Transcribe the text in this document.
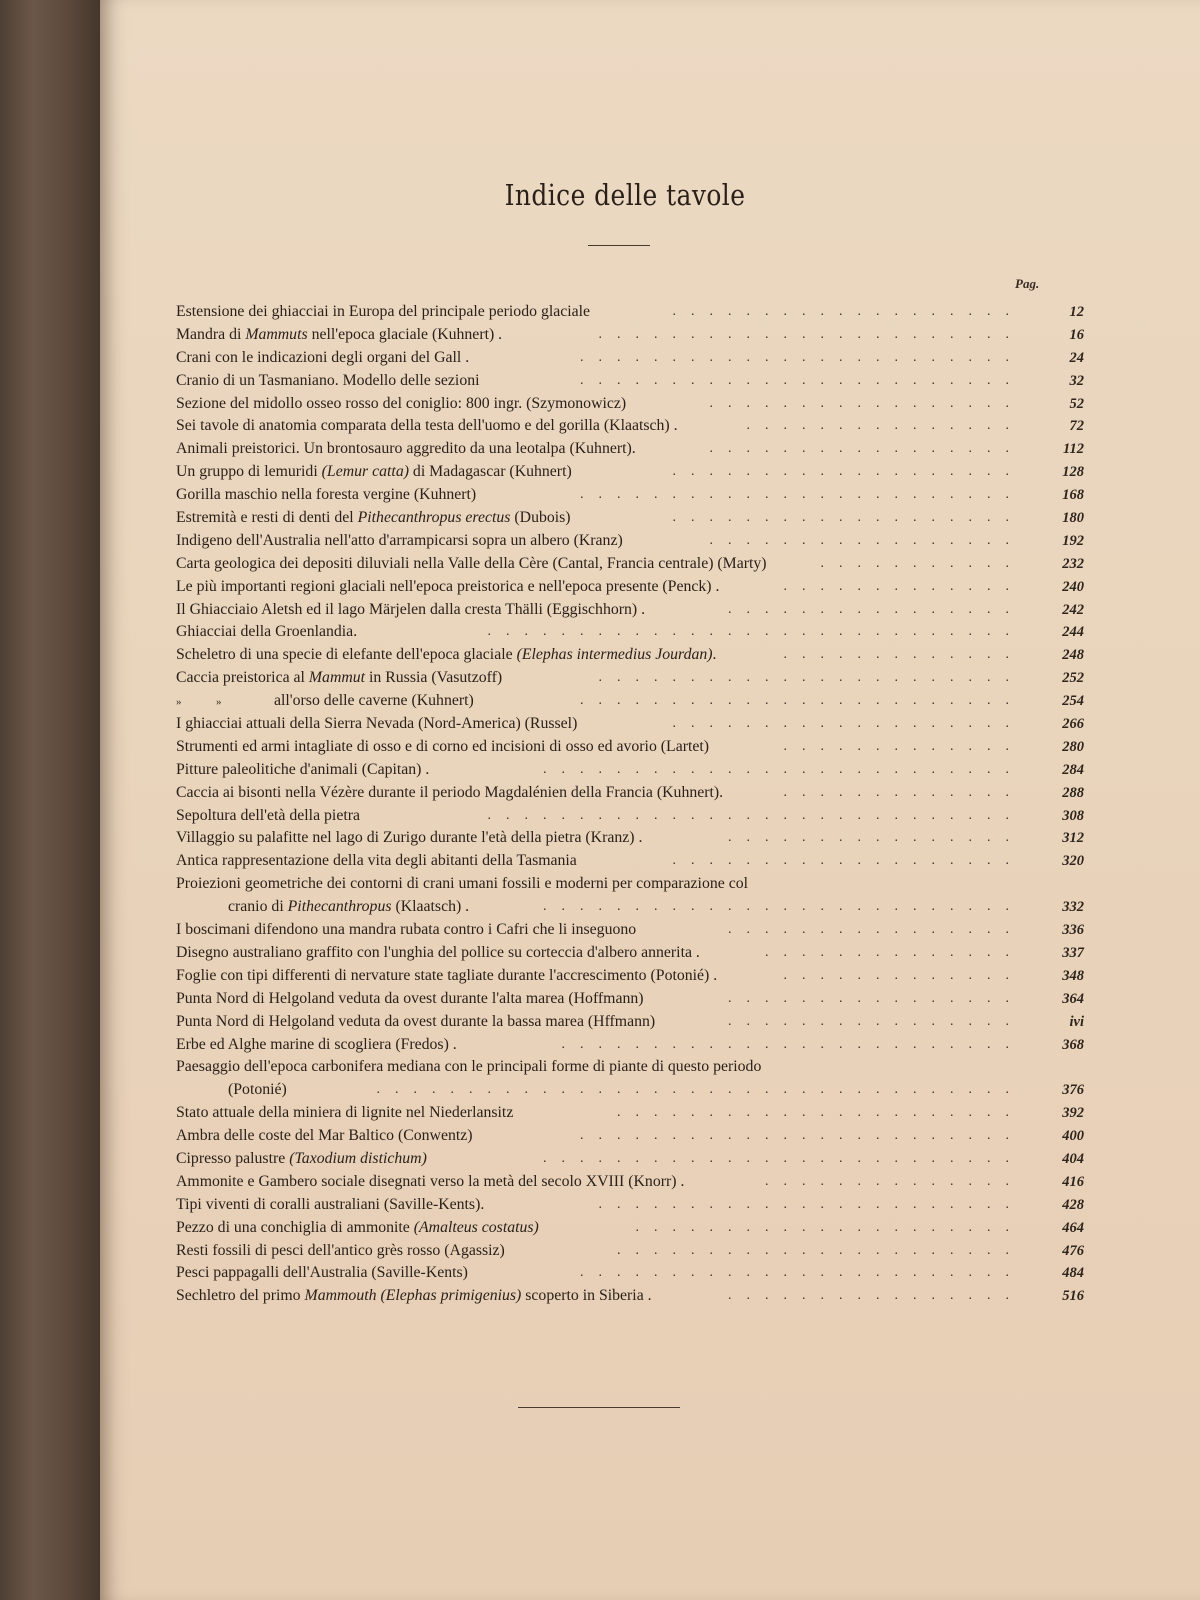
Indice delle tavole
Pag.
Estensione dei ghiacciai in Europa del principale periodo glaciale	12
...................
Mandra di Mammuts nell'epoca glaciale (Kuhnert) .	16
.......................
Crani con le indicazioni degli organi del Gall .	24
........................
Cranio di un Tasmaniano. Modello delle sezioni	32
........................
Sezione del midollo osseo rosso del coniglio: 800 ingr. (Szymonowicz)	52
.................
Sei tavole di anatomia comparata della testa dell'uomo e del gorilla (Klaatsch) .	72
...............
Animali preistorici. Un brontosauro aggredito da una leotalpa (Kuhnert).	112
.................
Un gruppo di lemuridi (Lemur catta) di Madagascar (Kuhnert)	128
...................
Gorilla maschio nella foresta vergine (Kuhnert)	168
........................
Estremità e resti di denti del Pithecanthropus erectus (Dubois)	180
...................
Indigeno dell'Australia nell'atto d'arrampicarsi sopra un albero (Kranz)	192
.................
Carta geologica dei depositi diluviali nella Valle della Cère (Cantal, Francia centrale) (Marty)	232
...........
Le più importanti regioni glaciali nell'epoca preistorica e nell'epoca presente (Penck) .	240
.............
Il Ghiacciaio Aletsh ed il lago Märjelen dalla cresta Thälli (Eggischhorn) .	242
................
Ghiacciai della Groenlandia.	244
.............................
Scheletro di una specie di elefante dell'epoca glaciale (Elephas intermedius Jourdan).	248
.............
Caccia preistorica al Mammut in Russia (Vasutzoff)	252
.......................
»	»	all'orso delle caverne (Kuhnert)	254
........................
I ghiacciai attuali della Sierra Nevada (Nord-America) (Russel)	266
...................
Strumenti ed armi intagliate di osso e di corno ed incisioni di osso ed avorio (Lartet)	280
.............
Pitture paleolitiche d'animali (Capitan) .	284
..........................
Caccia ai bisonti nella Vézère durante il periodo Magdalénien della Francia (Kuhnert).	288
.............
Sepoltura dell'età della pietra	308
.............................
Villaggio su palafitte nel lago di Zurigo durante l'età della pietra (Kranz) .	312
................
Antica rappresentazione della vita degli abitanti della Tasmania	320
...................
Proiezioni geometriche dei contorni di crani umani fossili e moderni per comparazione col
cranio di Pithecanthropus (Klaatsch) .	332
..........................
I boscimani difendono una mandra rubata contro i Cafri che li inseguono	336
................
Disegno australiano graffito con l'unghia del pollice su corteccia d'albero annerita .	337
..............
Foglie con tipi differenti di nervature state tagliate durante l'accrescimento (Potonié) .	348
.............
Punta Nord di Helgoland veduta da ovest durante l'alta marea (Hoffmann)	364
................
Punta Nord di Helgoland veduta da ovest durante la bassa marea (Hffmann)	ivi
................
Erbe ed Alghe marine di scogliera (Fredos) .	368
.........................
Paesaggio dell'epoca carbonifera mediana con le principali forme di piante di questo periodo
(Potonié)	376
...................................
Stato attuale della miniera di lignite nel Niederlansitz	392
......................
Ambra delle coste del Mar Baltico (Conwentz)	400
........................
Cipresso palustre (Taxodium distichum)	404
..........................
Ammonite e Gambero sociale disegnati verso la metà del secolo XVIII (Knorr) .	416
..............
Tipi viventi di coralli australiani (Saville-Kents).	428
.......................
Pezzo di una conchiglia di ammonite (Amalteus costatus)	464
.....................
Resti fossili di pesci dell'antico grès rosso (Agassiz)	476
......................
Pesci pappagalli dell'Australia (Saville-Kents)	484
........................
Sechletro del primo Mammouth (Elephas primigenius) scoperto in Siberia .	516
................
